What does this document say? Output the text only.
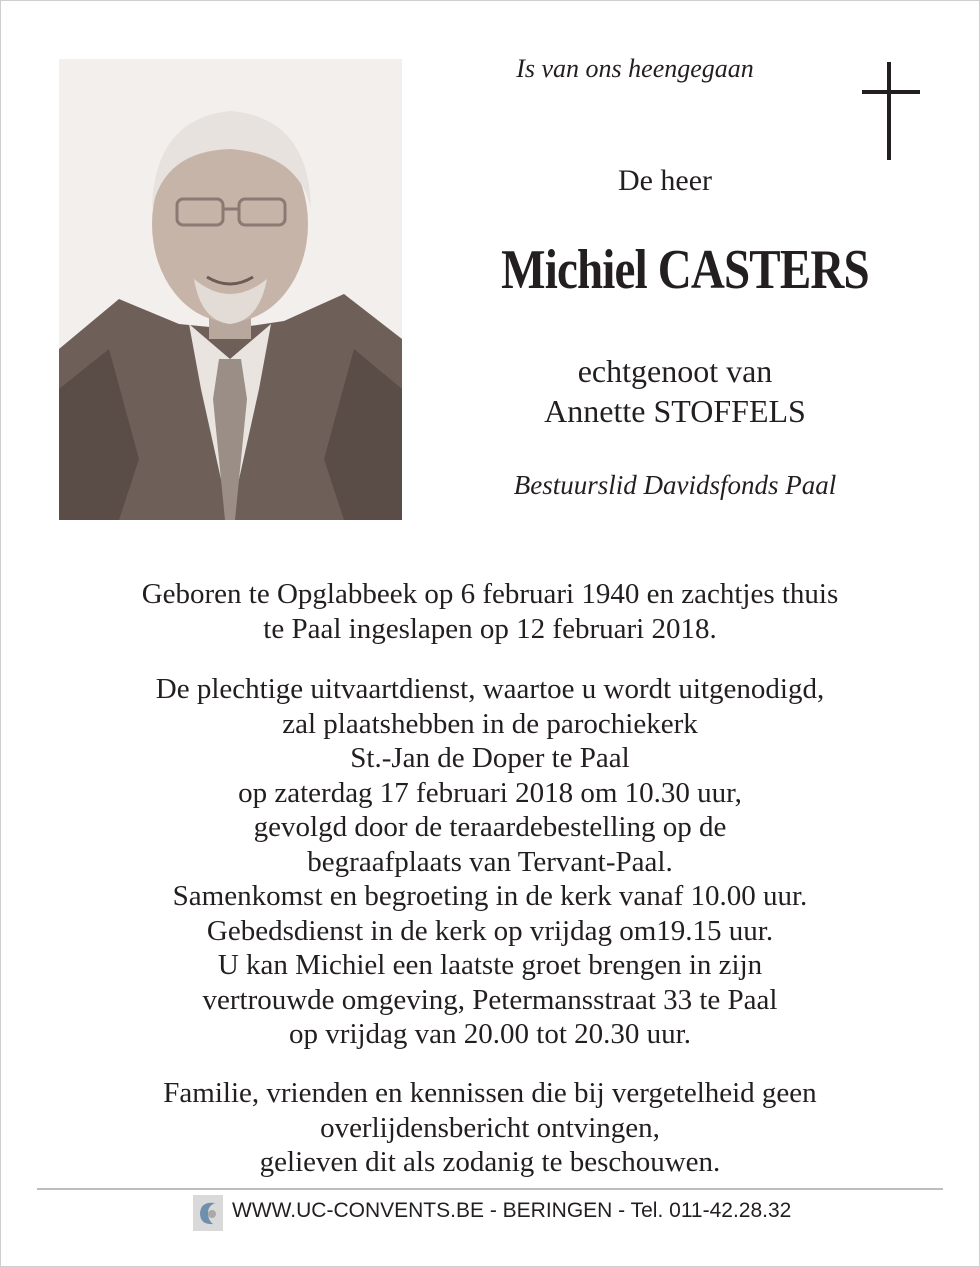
Is van ons heengegaan
De heer
Michiel CASTERS
echtgenoot van
Annette STOFFELS
Bestuurslid Davidsfonds Paal
Geboren te Opglabbeek op 6 februari 1940 en zachtjes thuis
te Paal ingeslapen op 12 februari 2018.
De plechtige uitvaartdienst, waartoe u wordt uitgenodigd,
zal plaatshebben in de parochiekerk
St.-Jan de Doper te Paal
op zaterdag 17 februari 2018 om 10.30 uur,
gevolgd door de teraardebestelling op de
begraafplaats van Tervant-Paal.
Samenkomst en begroeting in de kerk vanaf 10.00 uur.
Gebedsdienst in de kerk op vrijdag om19.15 uur.
U kan Michiel een laatste groet brengen in zijn
vertrouwde omgeving, Petermansstraat 33 te Paal
op vrijdag van 20.00 tot 20.30 uur.
Familie, vrienden en kennissen die bij vergetelheid geen
overlijdensbericht ontvingen,
gelieven dit als zodanig te beschouwen.
WWW.UC-CONVENTS.BE - BERINGEN - Tel. 011-42.28.32
